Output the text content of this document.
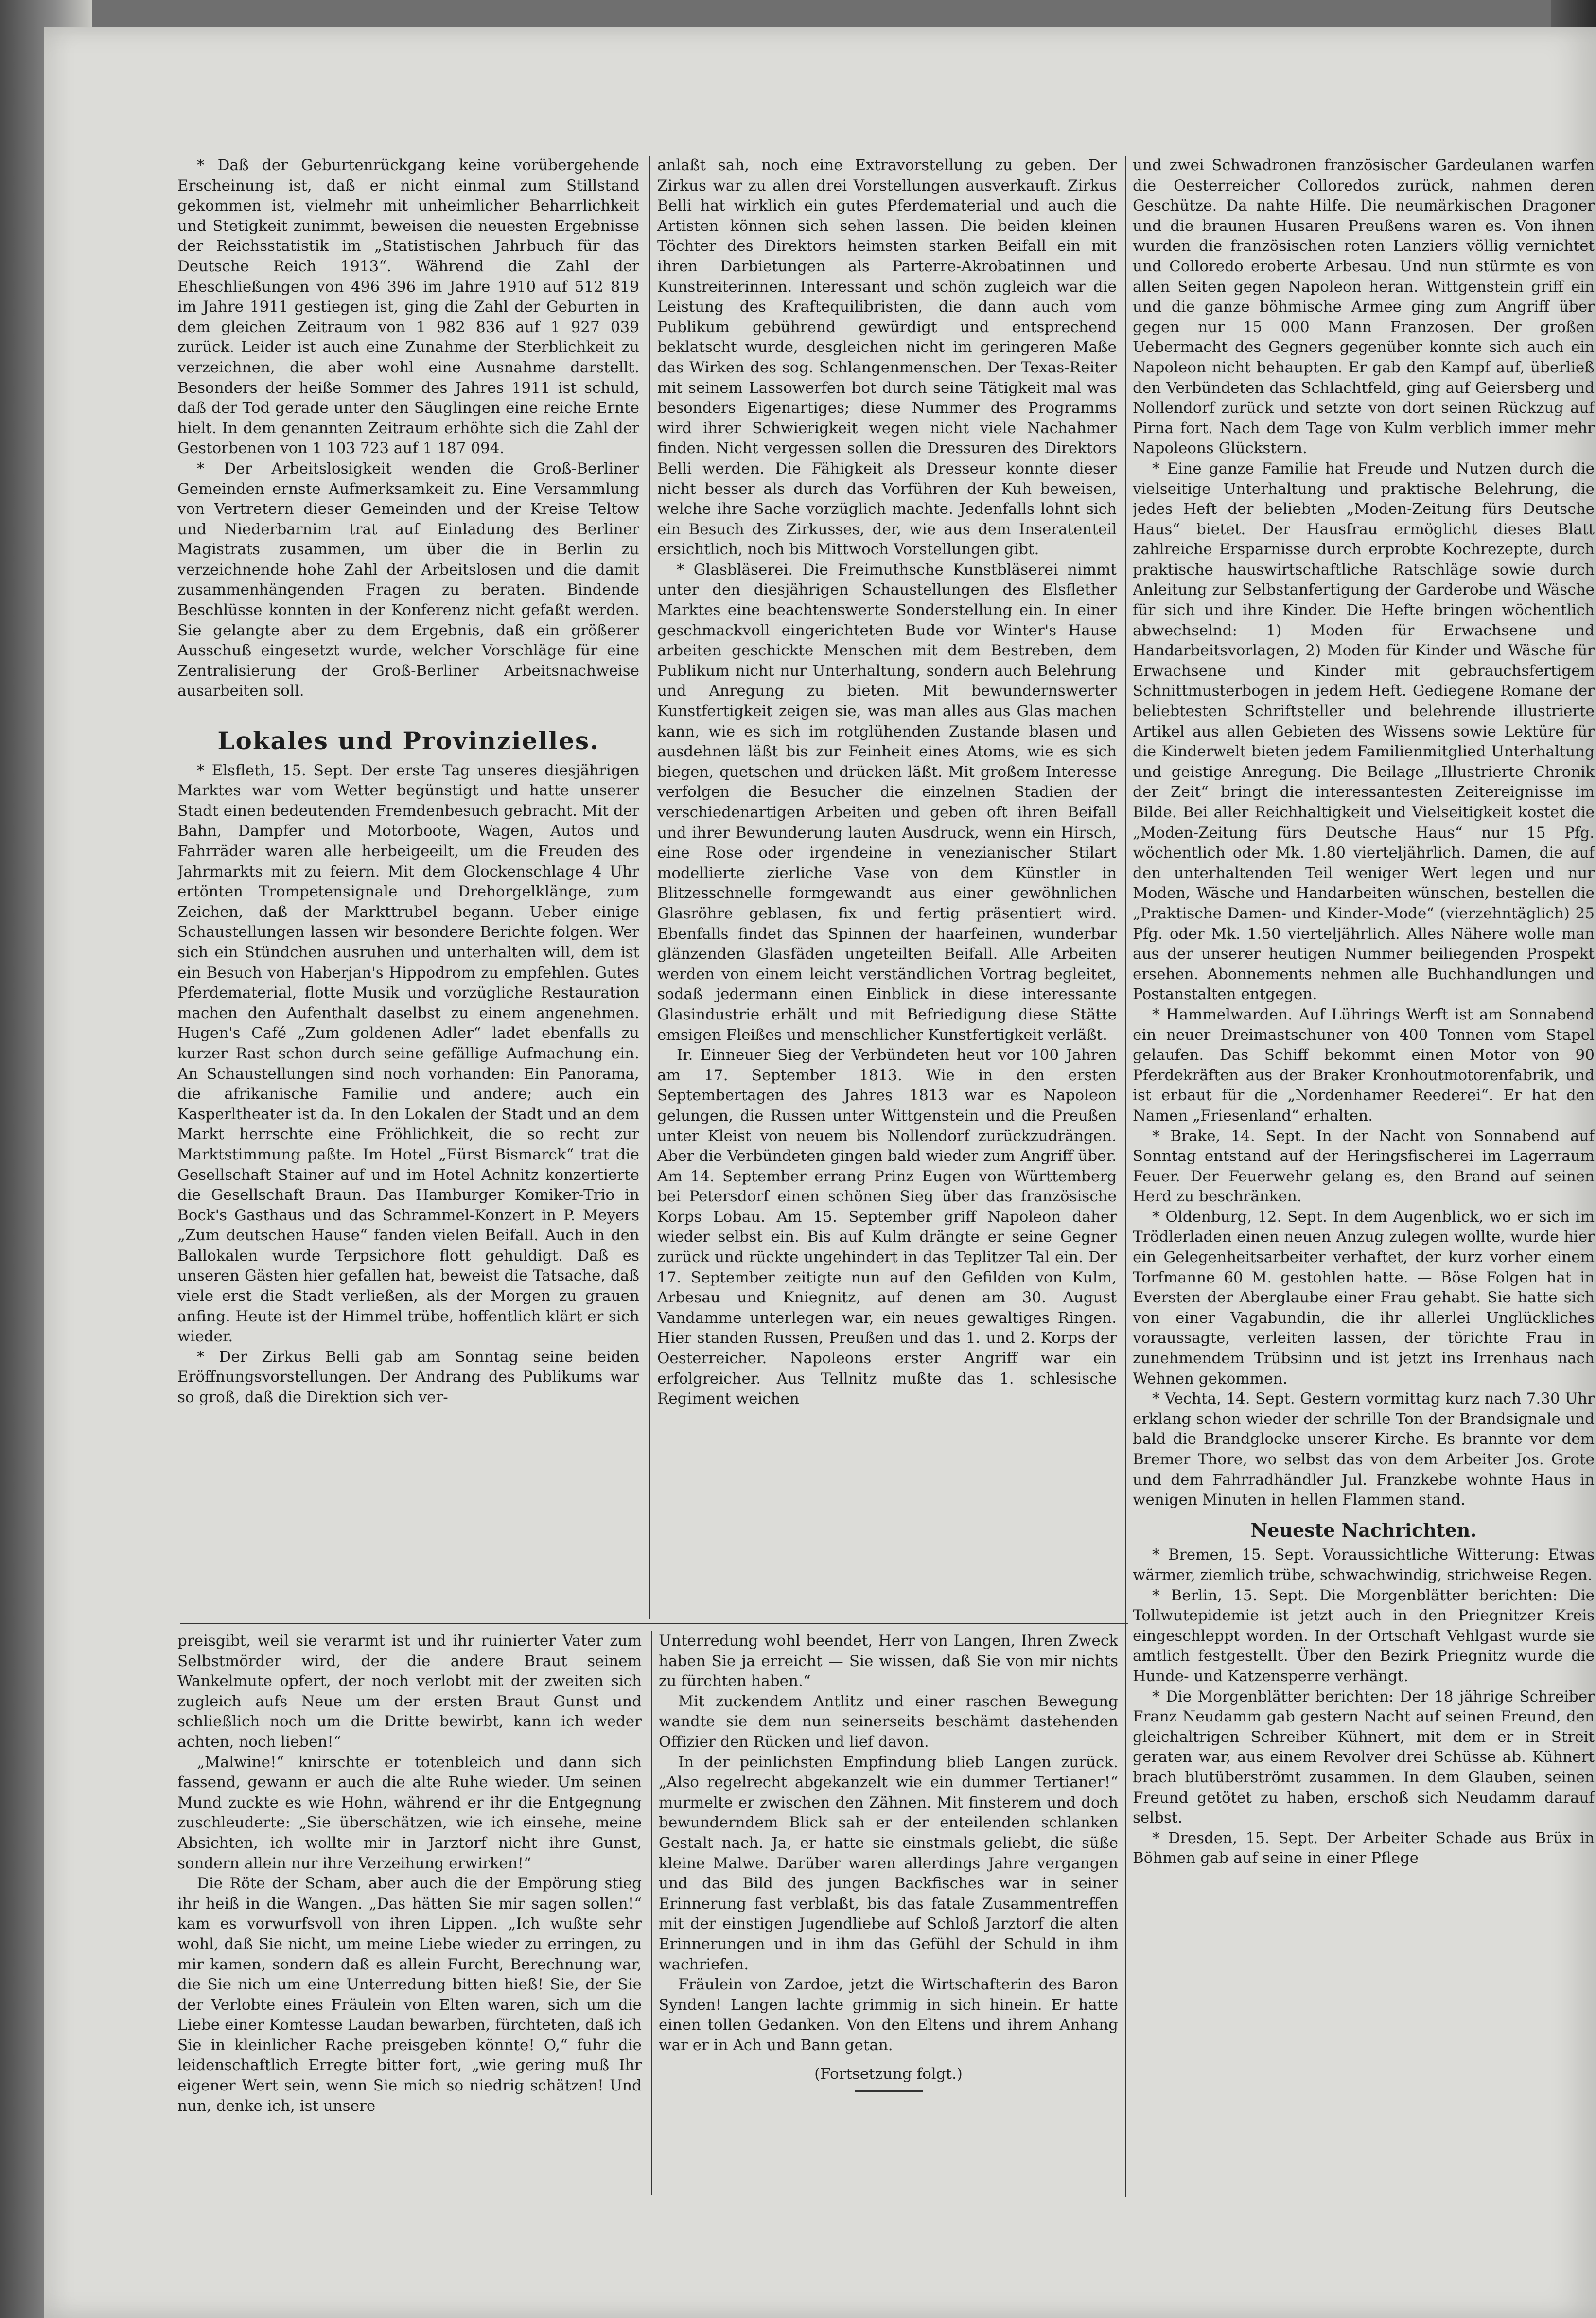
* Daß der Geburtenrückgang keine vorübergehende Erscheinung ist, daß er nicht einmal zum Stillstand gekommen ist, vielmehr mit unheimlicher Beharrlichkeit und Stetigkeit zunimmt, beweisen die neuesten Ergebnisse der Reichsstatistik im „Statistischen Jahrbuch für das Deutsche Reich 1913“. Während die Zahl der Eheschließungen von 496 396 im Jahre 1910 auf 512 819 im Jahre 1911 gestiegen ist, ging die Zahl der Geburten in dem gleichen Zeitraum von 1 982 836 auf 1 927 039 zurück. Leider ist auch eine Zunahme der Sterblichkeit zu verzeichnen, die aber wohl eine Ausnahme darstellt. Besonders der heiße Sommer des Jahres 1911 ist schuld, daß der Tod gerade unter den Säuglingen eine reiche Ernte hielt. In dem genannten Zeitraum erhöhte sich die Zahl der Gestorbenen von 1 103 723 auf 1 187 094.

* Der Arbeitslosigkeit wenden die Groß-Berliner Gemeinden ernste Aufmerksamkeit zu. Eine Versammlung von Vertretern dieser Gemeinden und der Kreise Teltow und Niederbarnim trat auf Einladung des Berliner Magistrats zusammen, um über die in Berlin zu verzeichnende hohe Zahl der Arbeitslosen und die damit zusammenhängenden Fragen zu beraten. Bindende Beschlüsse konnten in der Konferenz nicht gefaßt werden. Sie gelangte aber zu dem Ergebnis, daß ein größerer Ausschuß eingesetzt wurde, welcher Vorschläge für eine Zentralisierung der Groß-Berliner Arbeitsnachweise ausarbeiten soll.

Lokales und Provinzielles.

* Elsfleth, 15. Sept. Der erste Tag unseres diesjährigen Marktes war vom Wetter begünstigt und hatte unserer Stadt einen bedeutenden Fremdenbesuch gebracht. Mit der Bahn, Dampfer und Motorboote, Wagen, Autos und Fahrräder waren alle herbeigeeilt, um die Freuden des Jahrmarkts mit zu feiern. Mit dem Glockenschlage 4 Uhr ertönten Trompetensignale und Drehorgelklänge, zum Zeichen, daß der Markttrubel begann. Ueber einige Schaustellungen lassen wir besondere Berichte folgen. Wer sich ein Stündchen ausruhen und unterhalten will, dem ist ein Besuch von Haberjan's Hippodrom zu empfehlen. Gutes Pferdematerial, flotte Musik und vorzügliche Restauration machen den Aufenthalt daselbst zu einem angenehmen. Hugen's Café „Zum goldenen Adler“ ladet ebenfalls zu kurzer Rast schon durch seine gefällige Aufmachung ein. An Schaustellungen sind noch vorhanden: Ein Panorama, die afrikanische Familie und andere; auch ein Kasperltheater ist da. In den Lokalen der Stadt und an dem Markt herrschte eine Fröhlichkeit, die so recht zur Marktstimmung paßte. Im Hotel „Fürst Bismarck“ trat die Gesellschaft Stainer auf und im Hotel Achnitz konzertierte die Gesellschaft Braun. Das Hamburger Komiker-Trio in Bock's Gasthaus und das Schrammel-Konzert in P. Meyers „Zum deutschen Hause“ fanden vielen Beifall. Auch in den Ballokalen wurde Terpsichore flott gehuldigt. Daß es unseren Gästen hier gefallen hat, beweist die Tatsache, daß viele erst die Stadt verließen, als der Morgen zu grauen anfing. Heute ist der Himmel trübe, hoffentlich klärt er sich wieder.

* Der Zirkus Belli gab am Sonntag seine beiden Eröffnungsvorstellungen. Der Andrang des Publikums war so groß, daß die Direktion sich ver-

anlaßt sah, noch eine Extravorstellung zu geben. Der Zirkus war zu allen drei Vorstellungen ausverkauft. Zirkus Belli hat wirklich ein gutes Pferdematerial und auch die Artisten können sich sehen lassen. Die beiden kleinen Töchter des Direktors heimsten starken Beifall ein mit ihren Darbietungen als Parterre-Akrobatinnen und Kunstreiterinnen. Interessant und schön zugleich war die Leistung des Kraftequilibristen, die dann auch vom Publikum gebührend gewürdigt und entsprechend beklatscht wurde, desgleichen nicht im geringeren Maße das Wirken des sog. Schlangenmenschen. Der Texas-Reiter mit seinem Lassowerfen bot durch seine Tätigkeit mal was besonders Eigenartiges; diese Nummer des Programms wird ihrer Schwierigkeit wegen nicht viele Nachahmer finden. Nicht vergessen sollen die Dressuren des Direktors Belli werden. Die Fähigkeit als Dresseur konnte dieser nicht besser als durch das Vorführen der Kuh beweisen, welche ihre Sache vorzüglich machte. Jedenfalls lohnt sich ein Besuch des Zirkusses, der, wie aus dem Inseratenteil ersichtlich, noch bis Mittwoch Vorstellungen gibt.

* Glasbläserei. Die Freimuthsche Kunstbläserei nimmt unter den diesjährigen Schaustellungen des Elsflether Marktes eine beachtenswerte Sonderstellung ein. In einer geschmackvoll eingerichteten Bude vor Winter's Hause arbeiten geschickte Menschen mit dem Bestreben, dem Publikum nicht nur Unterhaltung, sondern auch Belehrung und Anregung zu bieten. Mit bewundernswerter Kunstfertigkeit zeigen sie, was man alles aus Glas machen kann, wie es sich im rotglühenden Zustande blasen und ausdehnen läßt bis zur Feinheit eines Atoms, wie es sich biegen, quetschen und drücken läßt. Mit großem Interesse verfolgen die Besucher die einzelnen Stadien der verschiedenartigen Arbeiten und geben oft ihren Beifall und ihrer Bewunderung lauten Ausdruck, wenn ein Hirsch, eine Rose oder irgendeine in venezianischer Stilart modellierte zierliche Vase von dem Künstler in Blitzesschnelle formgewandt aus einer gewöhnlichen Glasröhre geblasen, fix und fertig präsentiert wird. Ebenfalls findet das Spinnen der haarfeinen, wunderbar glänzenden Glasfäden ungeteilten Beifall. Alle Arbeiten werden von einem leicht verständlichen Vortrag begleitet, sodaß jedermann einen Einblick in diese interessante Glasindustrie erhält und mit Befriedigung diese Stätte emsigen Fleißes und menschlicher Kunstfertigkeit verläßt.

Ir. Einneuer Sieg der Verbündeten heut vor 100 Jahren am 17. September 1813. Wie in den ersten Septembertagen des Jahres 1813 war es Napoleon gelungen, die Russen unter Wittgenstein und die Preußen unter Kleist von neuem bis Nollendorf zurückzudrängen. Aber die Verbündeten gingen bald wieder zum Angriff über. Am 14. September errang Prinz Eugen von Württemberg bei Petersdorf einen schönen Sieg über das französische Korps Lobau. Am 15. September griff Napoleon daher wieder selbst ein. Bis auf Kulm drängte er seine Gegner zurück und rückte ungehindert in das Teplitzer Tal ein. Der 17. September zeitigte nun auf den Gefilden von Kulm, Arbesau und Kniegnitz, auf denen am 30. August Vandamme unterlegen war, ein neues gewaltiges Ringen. Hier standen Russen, Preußen und das 1. und 2. Korps der Oesterreicher. Napoleons erster Angriff war ein erfolgreicher. Aus Tellnitz mußte das 1. schlesische Regiment weichen

und zwei Schwadronen französischer Gardeulanen warfen die Oesterreicher Colloredos zurück, nahmen deren Geschütze. Da nahte Hilfe. Die neumärkischen Dragoner und die braunen Husaren Preußens waren es. Von ihnen wurden die französischen roten Lanziers völlig vernichtet und Colloredo eroberte Arbesau. Und nun stürmte es von allen Seiten gegen Napoleon heran. Wittgenstein griff ein und die ganze böhmische Armee ging zum Angriff über gegen nur 15 000 Mann Franzosen. Der großen Uebermacht des Gegners gegenüber konnte sich auch ein Napoleon nicht behaupten. Er gab den Kampf auf, überließ den Verbündeten das Schlachtfeld, ging auf Geiersberg und Nollendorf zurück und setzte von dort seinen Rückzug auf Pirna fort. Nach dem Tage von Kulm verblich immer mehr Napoleons Glückstern.

* Eine ganze Familie hat Freude und Nutzen durch die vielseitige Unterhaltung und praktische Belehrung, die jedes Heft der beliebten „Moden-Zeitung fürs Deutsche Haus“ bietet. Der Hausfrau ermöglicht dieses Blatt zahlreiche Ersparnisse durch erprobte Kochrezepte, durch praktische hauswirtschaftliche Ratschläge sowie durch Anleitung zur Selbstanfertigung der Garderobe und Wäsche für sich und ihre Kinder. Die Hefte bringen wöchentlich abwechselnd: 1) Moden für Erwachsene und Handarbeitsvorlagen, 2) Moden für Kinder und Wäsche für Erwachsene und Kinder mit gebrauchsfertigem Schnittmusterbogen in jedem Heft. Gediegene Romane der beliebtesten Schriftsteller und belehrende illustrierte Artikel aus allen Gebieten des Wissens sowie Lektüre für die Kinderwelt bieten jedem Familienmitglied Unterhaltung und geistige Anregung. Die Beilage „Illustrierte Chronik der Zeit“ bringt die interessantesten Zeitereignisse im Bilde. Bei aller Reichhaltigkeit und Vielseitigkeit kostet die „Moden-Zeitung fürs Deutsche Haus“ nur 15 Pfg. wöchentlich oder Mk. 1.80 vierteljährlich. Damen, die auf den unterhaltenden Teil weniger Wert legen und nur Moden, Wäsche und Handarbeiten wünschen, bestellen die „Praktische Damen- und Kinder-Mode“ (vierzehntäglich) 25 Pfg. oder Mk. 1.50 vierteljährlich. Alles Nähere wolle man aus der unserer heutigen Nummer beiliegenden Prospekt ersehen. Abonnements nehmen alle Buchhandlungen und Postanstalten entgegen.

* Hammelwarden. Auf Lührings Werft ist am Sonnabend ein neuer Dreimastschuner von 400 Tonnen vom Stapel gelaufen. Das Schiff bekommt einen Motor von 90 Pferdekräften aus der Braker Kronhoutmotorenfabrik, und ist erbaut für die „Nordenhamer Reederei“. Er hat den Namen „Friesenland“ erhalten.

* Brake, 14. Sept. In der Nacht von Sonnabend auf Sonntag entstand auf der Heringsfischerei im Lagerraum Feuer. Der Feuerwehr gelang es, den Brand auf seinen Herd zu beschränken.

* Oldenburg, 12. Sept. In dem Augenblick, wo er sich im Trödlerladen einen neuen Anzug zulegen wollte, wurde hier ein Gelegenheitsarbeiter verhaftet, der kurz vorher einem Torfmanne 60 M. gestohlen hatte. — Böse Folgen hat in Eversten der Aberglaube einer Frau gehabt. Sie hatte sich von einer Vagabundin, die ihr allerlei Unglückliches voraussagte, verleiten lassen, der törichte Frau in zunehmendem Trübsinn und ist jetzt ins Irrenhaus nach Wehnen gekommen.

* Vechta, 14. Sept. Gestern vormittag kurz nach 7.30 Uhr erklang schon wieder der schrille Ton der Brandsignale und bald die Brandglocke unserer Kirche. Es brannte vor dem Bremer Thore, wo selbst das von dem Arbeiter Jos. Grote und dem Fahrradhändler Jul. Franzkebe wohnte Haus in wenigen Minuten in hellen Flammen stand.

Neueste Nachrichten.

* Bremen, 15. Sept. Voraussichtliche Witterung: Etwas wärmer, ziemlich trübe, schwachwindig, strichweise Regen.

* Berlin, 15. Sept. Die Morgenblätter berichten: Die Tollwutepidemie ist jetzt auch in den Priegnitzer Kreis eingeschleppt worden. In der Ortschaft Vehlgast wurde sie amtlich festgestellt. Über den Bezirk Priegnitz wurde die Hunde- und Katzensperre verhängt.

* Die Morgenblätter berichten: Der 18 jährige Schreiber Franz Neudamm gab gestern Nacht auf seinen Freund, den gleichaltrigen Schreiber Kühnert, mit dem er in Streit geraten war, aus einem Revolver drei Schüsse ab. Kühnert brach blutüberströmt zusammen. In dem Glauben, seinen Freund getötet zu haben, erschoß sich Neudamm darauf selbst.

* Dresden, 15. Sept. Der Arbeiter Schade aus Brüx in Böhmen gab auf seine in einer Pflege

preisgibt, weil sie verarmt ist und ihr ruinierter Vater zum Selbstmörder wird, der die andere Braut seinem Wankelmute opfert, der noch verlobt mit der zweiten sich zugleich aufs Neue um der ersten Braut Gunst und schließlich noch um die Dritte bewirbt, kann ich weder achten, noch lieben!“

„Malwine!“ knirschte er totenbleich und dann sich fassend, gewann er auch die alte Ruhe wieder. Um seinen Mund zuckte es wie Hohn, während er ihr die Entgegnung zuschleuderte: „Sie überschätzen, wie ich einsehe, meine Absichten, ich wollte mir in Jarztorf nicht ihre Gunst, sondern allein nur ihre Verzeihung erwirken!“

Die Röte der Scham, aber auch die der Empörung stieg ihr heiß in die Wangen. „Das hätten Sie mir sagen sollen!“ kam es vorwurfsvoll von ihren Lippen. „Ich wußte sehr wohl, daß Sie nicht, um meine Liebe wieder zu erringen, zu mir kamen, sondern daß es allein Furcht, Berechnung war, die Sie nich um eine Unterredung bitten hieß! Sie, der Sie der Verlobte eines Fräulein von Elten waren, sich um die Liebe einer Komtesse Laudan bewarben, fürchteten, daß ich Sie in kleinlicher Rache preisgeben könnte! O,“ fuhr die leidenschaftlich Erregte bitter fort, „wie gering muß Ihr eigener Wert sein, wenn Sie mich so niedrig schätzen! Und nun, denke ich, ist unsere

Unterredung wohl beendet, Herr von Langen, Ihren Zweck haben Sie ja erreicht — Sie wissen, daß Sie von mir nichts zu fürchten haben.“

Mit zuckendem Antlitz und einer raschen Bewegung wandte sie dem nun seinerseits beschämt dastehenden Offizier den Rücken und lief davon.

In der peinlichsten Empfindung blieb Langen zurück. „Also regelrecht abgekanzelt wie ein dummer Tertianer!“ murmelte er zwischen den Zähnen. Mit finsterem und doch bewunderndem Blick sah er der enteilenden schlanken Gestalt nach. Ja, er hatte sie einstmals geliebt, die süße kleine Malwe. Darüber waren allerdings Jahre vergangen und das Bild des jungen Backfisches war in seiner Erinnerung fast verblaßt, bis das fatale Zusammentreffen mit der einstigen Jugendliebe auf Schloß Jarztorf die alten Erinnerungen und in ihm das Gefühl der Schuld in ihm wachriefen.

Fräulein von Zardoe, jetzt die Wirtschafterin des Baron Synden! Langen lachte grimmig in sich hinein. Er hatte einen tollen Gedanken. Von den Eltens und ihrem Anhang war er in Ach und Bann getan.

(Fortsetzung folgt.)
